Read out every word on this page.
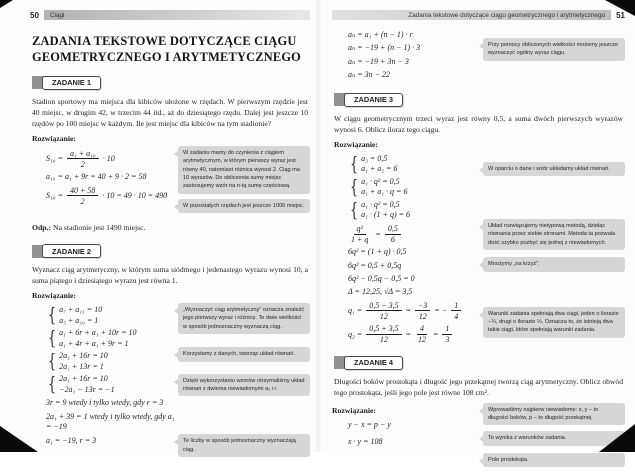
50 Ciągi
ZADANIA TEKSTOWE DOTYCZĄCE CIĄGU
GEOMETRYCZNEGO I ARYTMETYCZNEGO
ZADANIE 1
Stadion sportowy ma miejsca dla kibiców ułożone w rzędach. W pierwszym rzędzie jest 40 miejsc, w drugim 42, w trzecim 44 itd., aż do dziesiątego rzędu. Dalej jest jeszcze 10 rzędów po 100 miejsc w każdym. Ile jest miejsc dla kibiców na tym stadionie?
Rozwiązanie:
$S_{10} = \frac{\text{a₁ + a₁₀}}{2} \cdot 10$
a₁₀ = a₁ + 9r = 40 + 9 · 2 = 58
$S_{10} = \frac{40 + 58}{2} \cdot 10 = 49 \cdot 10 = 490$
W zadaniu mamy do czynienia z ciągiem arytmetycznym, w którym pierwszy wyraz jest równy 40, natomiast różnica wynosi 2. Ciąg ma 10 wyrazów. Do obliczenia sumy miejsc zastosujemy wzór na n-tą sumę częściową.
W pozostałych rzędach jest jeszcze 1000 miejsc.
Odp.: Na stadionie jest 1490 miejsc.
ZADANIE 2
Wyznacz ciąg arytmetyczny, w którym suma siódmego i jedenastego wyrazu wynosi 10, a suma piątego i dziesiątego wyrazu jest równa 1.
Rozwiązanie:
{ a₇ + a₁₁ = 10
a₅ + a₁₀ = 1
{ a₁ + 6r + a₁ + 10r = 10
a₁ + 4r + a₁ + 9r = 1
{ 2a₁ + 16r = 10
2a₁ + 13r = 1
{ 2a₁ + 16r = 10
−2a₁ − 13r = −1
3r = 9 wtedy i tylko wtedy, gdy r = 3
2a₁ + 39 = 1 wtedy i tylko wtedy, gdy a₁ = −19
a₁ = −19, r = 3
„Wyznaczyć ciąg arytmetyczny” oznacza znaleźć jego pierwszy wyraz i różnicę. Te dwie wielkości w sposób jednoznaczny wyznaczą ciąg.
Korzystamy z danych, tworząc układ równań.
Dzięki wykorzystaniu wzorów otrzymaliśmy układ równań z dwiema niewiadomymi a₁ i r.
Te liczby w sposób jednoznaczny wyznaczają ciąg.
Zadania tekstowe dotyczące ciągu geometrycznego i arytmetycznego 51
aₙ = a₁ + (n − 1) · r
aₙ = −19 + (n − 1) · 3
aₙ = −19 + 3n − 3
aₙ = 3n − 22
Przy pomocy obliczonych wielkości możemy jeszcze wyznaczyć ogólny wyraz ciągu.
ZADANIE 3
W ciągu geometrycznym trzeci wyraz jest równy 0,5, a suma dwóch pierwszych wyrazów wynosi 6. Oblicz iloraz tego ciągu.
Rozwiązanie:
{ a₃ = 0,5
a₁ + a₂ = 6
{ a₁ · q² = 0,5
a₁ + a₁ · q = 6
{ a₁ · q² = 0,5
a₁ · (1 + q) = 6
$\frac{\text{q²}}{1 + q} = \frac{0,5}{6}$
6q² = (1 + q) · 0,5
6q² = 0,5 + 0,5q
6q² − 0,5q − 0,5 = 0
Δ = 12,25, √Δ = 3,5
$q_1 = \frac{0,5 - 3,5}{12} = \frac{-3}{12}$ = − $\frac{1}{4}$
$q_2 = \frac{0,5 + 3,5}{12} = \frac{4}{12} = \frac{1}{3}$
W oparciu o dane i wzór układamy układ równań.
Układ rozwiązujemy nietypową metodą, dzieląc równania przez siebie stronami. Metoda ta pozwala dość szybko pozbyć się jednej z niewiadomych.
Mnożymy „na krzyż”.
Warunki zadania spełniają dwa ciągi, jeden o ilorazie −¼, drugi o ilorazie ⅓. Oznacza to, że istnieją dwa takie ciągi, które spełniają warunki zadania.
ZADANIE 4
Długości boków prostokąta i długość jego przekątnej tworzą ciąg arytmetyczny. Oblicz obwód tego prostokąta, jeśli jego pole jest równe 108 cm².
Rozwiązanie:
y − x = p − y
x · y = 108
Wprowadźmy najpierw niewiadome: x, y – to długości boków, p – to długość przekątnej.
To wynika z warunków zadania.
Pole prostokąta.
